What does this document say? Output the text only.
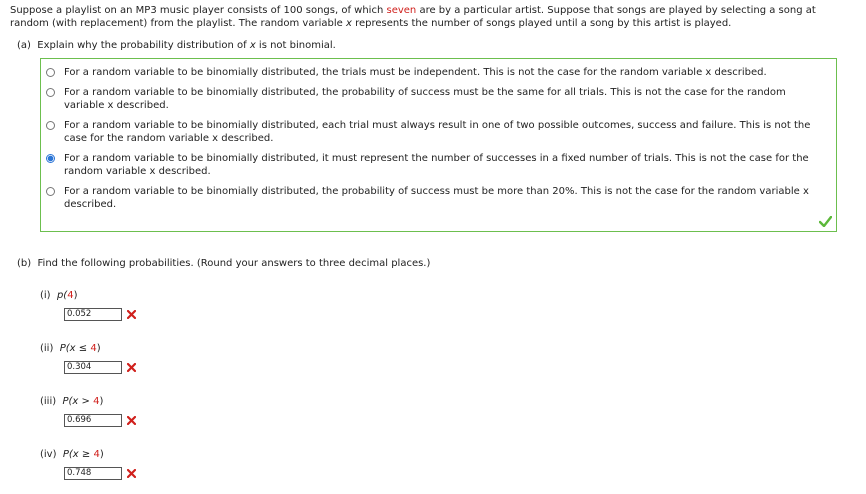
Suppose a playlist on an MP3 music player consists of 100 songs, of which seven are by a particular artist. Suppose that songs are played by selecting a song at random (with replacement) from the playlist. The random variable x represents the number of songs played until a song by this artist is played.
(a) Explain why the probability distribution of x is not binomial.
For a random variable to be binomially distributed, the trials must be independent. This is not the case for the random variable x described.
For a random variable to be binomially distributed, the probability of success must be the same for all trials. This is not the case for the random variable x described.
For a random variable to be binomially distributed, each trial must always result in one of two possible outcomes, success and failure. This is not the case for the random variable x described.
For a random variable to be binomially distributed, it must represent the number of successes in a fixed number of trials. This is not the case for the random variable x described.
For a random variable to be binomially distributed, the probability of success must be more than 20%. This is not the case for the random variable x described.
(b) Find the following probabilities. (Round your answers to three decimal places.)
(i) p(4)
0.052
(ii) P(x ≤ 4)
0.304
(iii) P(x > 4)
0.696
(iv) P(x ≥ 4)
0.748
